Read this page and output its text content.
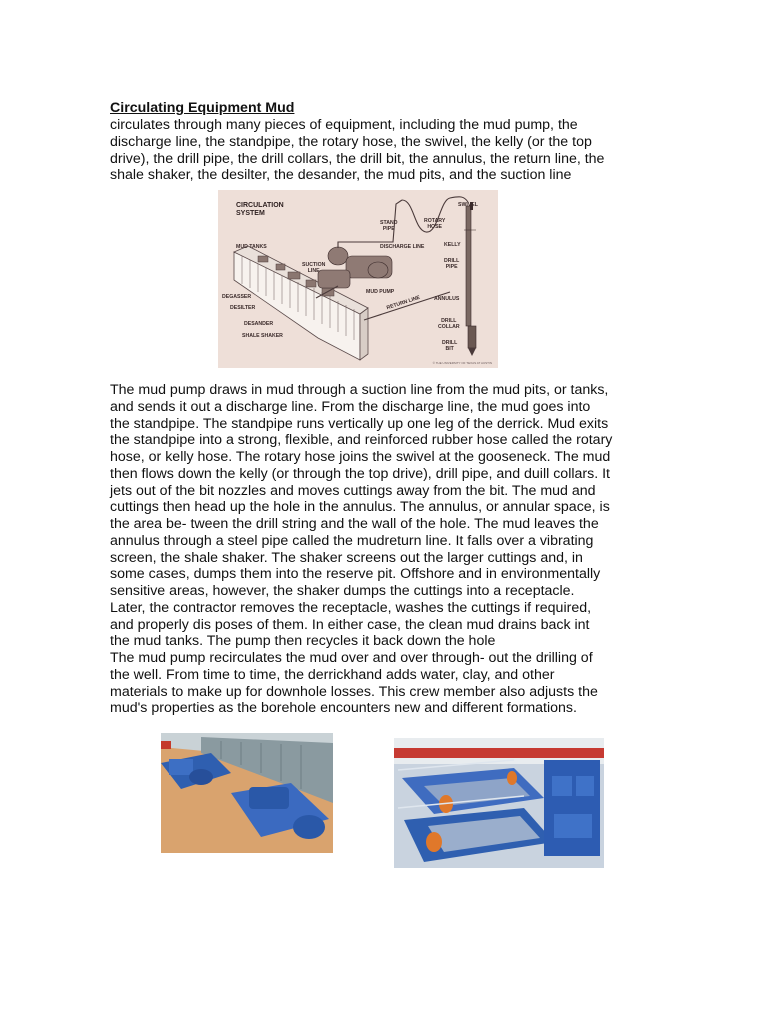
Circulating Equipment Mud
circulates through many pieces of equipment, including the mud pump, the
discharge line, the standpipe, the rotary hose, the swivel, the kelly (or the top
drive), the drill pipe, the drill collars, the drill bit, the annulus, the return line, the
shale shaker, the desilter, the desander, the mud pits, and the suction line
CIRCULATION
SYSTEM
SWIVEL
STAND
PIPE
ROTARY
HOSE
KELLY
MUD TANKS	DISCHARGE LINE
SUCTION
LINE
DRILL
PIPE
MUD PUMP
DEGASSER	RETURN LINE	ANNULUS
DESILTER
DRILL
COLLAR
DESANDER
SHALE SHAKER
DRILL
BIT
© THE UNIVERSITY OF TEXAS AT AUSTIN
The mud pump draws in mud through a suction line from the mud pits, or tanks,
and sends it out a discharge line. From the discharge line, the mud goes into
the standpipe. The standpipe runs vertically up one leg of the derrick. Mud exits
the standpipe into a strong, flexible, and reinforced rubber hose called the rotary
hose, or kelly hose. The rotary hose joins the swivel at the gooseneck. The mud
then flows down the kelly (or through the top drive), drill pipe, and duill collars. It
jets out of the bit nozzles and moves cuttings away from the bit. The mud and
cuttings then head up the hole in the annulus. The annulus, or annular space, is
the area be- tween the drill string and the wall of the hole. The mud leaves the
annulus through a steel pipe called the mudreturn line. It falls over a vibrating
screen, the shale shaker. The shaker screens out the larger cuttings and, in
some cases, dumps them into the reserve pit. Offshore and in environmentally
sensitive areas, however, the shaker dumps the cuttings into a receptacle.
Later, the contractor removes the receptacle, washes the cuttings if required,
and properly dis poses of them. In either case, the clean mud drains back int
the mud tanks. The pump then recycles it back down the hole
The mud pump recirculates the mud over and over through- out the drilling of
the well. From time to time, the derrickhand adds water, clay, and other
materials to make up for downhole losses. This crew member also adjusts the
mud's properties as the borehole encounters new and different formations.
